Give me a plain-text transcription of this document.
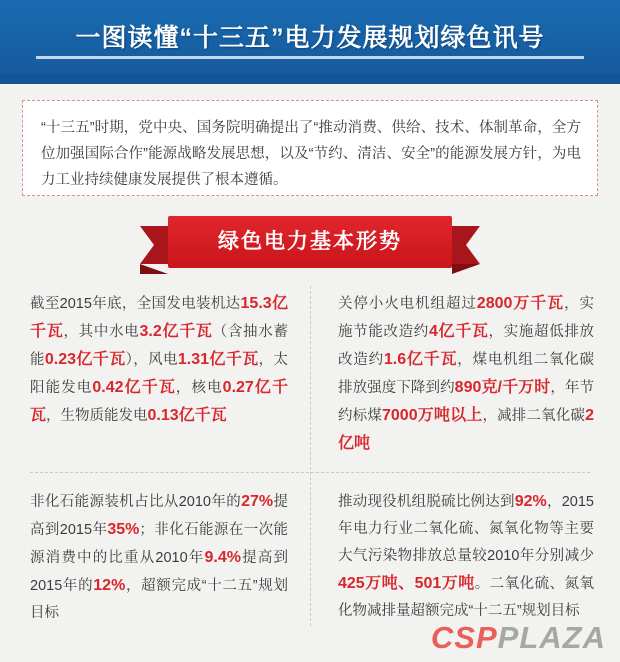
一图读懂“十三五”电力发展规划绿色讯号
“十三五”时期，党中央、国务院明确提出了“推动消费、供给、技术、体制革命，全方位加强国际合作”能源战略发展思想，以及“节约、清洁、安全”的能源发展方针，为电力工业持续健康发展提供了根本遵循。
绿色电力基本形势
截至2015年底，全国发电装机达15.3亿千瓦，其中水电3.2亿千瓦（含抽水蓄能0.23亿千瓦），风电1.31亿千瓦，太阳能发电0.42亿千瓦，核电0.27亿千瓦，生物质能发电0.13亿千瓦
关停小火电机组超过2800万千瓦，实施节能改造约4亿千瓦，实施超低排放改造约1.6亿千瓦，煤电机组二氧化碳排放强度下降到约890克/千万时，年节约标煤7000万吨以上，减排二氧化碳2亿吨
非化石能源装机占比从2010年的27%提高到2015年35%；非化石能源在一次能源消费中的比重从2010年9.4%提高到2015年的12%，超额完成“十二五”规划目标
推动现役机组脱硫比例达到92%，2015年电力行业二氧化硫、氮氧化物等主要大气污染物排放总量较2010年分别减少425万吨、501万吨。二氧化硫、氮氧化物减排量超额完成“十二五”规划目标
CSPPLAZA
